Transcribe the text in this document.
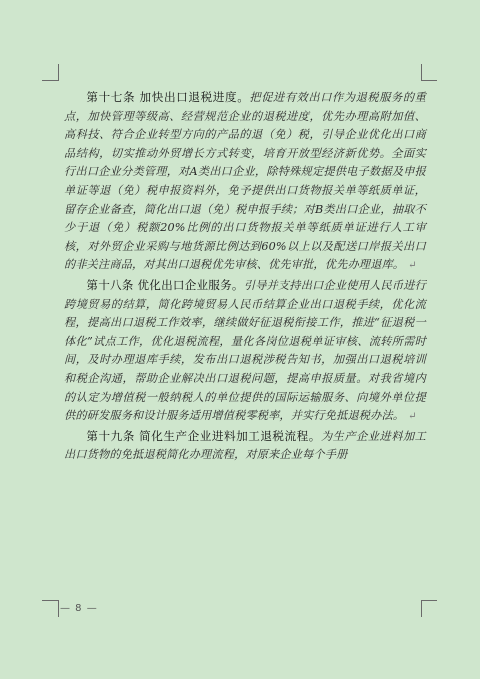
第十七条 加快出口退税进度。把促进有效出口作为退税服务的重点，加快管理等级高、经营规范企业的退税进度，优先办理高附加值、高科技、符合企业转型方向的产品的退（免）税，引导企业优化出口商品结构，切实推动外贸增长方式转变，培育开放型经济新优势。全面实行出口企业分类管理，对A类出口企业，除特殊规定提供电子数据及申报单证等退（免）税申报资料外，免予提供出口货物报关单等纸质单证，留存企业备查，简化出口退（免）税申报手续；对B类出口企业，抽取不少于退（免）税额20%比例的出口货物报关单等纸质单证进行人工审核，对外贸企业采购与地货源比例达到60%以上以及配送口岸报关出口的非关注商品，对其出口退税优先审核、优先审批，优先办理退库。 ↵

第十八条 优化出口企业服务。引导并支持出口企业使用人民币进行跨境贸易的结算，简化跨境贸易人民币结算企业出口退税手续，优化流程，提高出口退税工作效率，继续做好征退税衔接工作，推进“征退税一体化”试点工作，优化退税流程，量化各岗位退税单证审核、流转所需时间，及时办理退库手续，发布出口退税涉税告知书，加强出口退税培训和税企沟通，帮助企业解决出口退税问题，提高申报质量。对我省境内的认定为增值税一般纳税人的单位提供的国际运输服务、向境外单位提供的研发服务和设计服务适用增值税零税率，并实行免抵退税办法。 ↵

第十九条 简化生产企业进料加工退税流程。为生产企业进料加工出口货物的免抵退税简化办理流程，对原来企业每个手册

— 8 —
